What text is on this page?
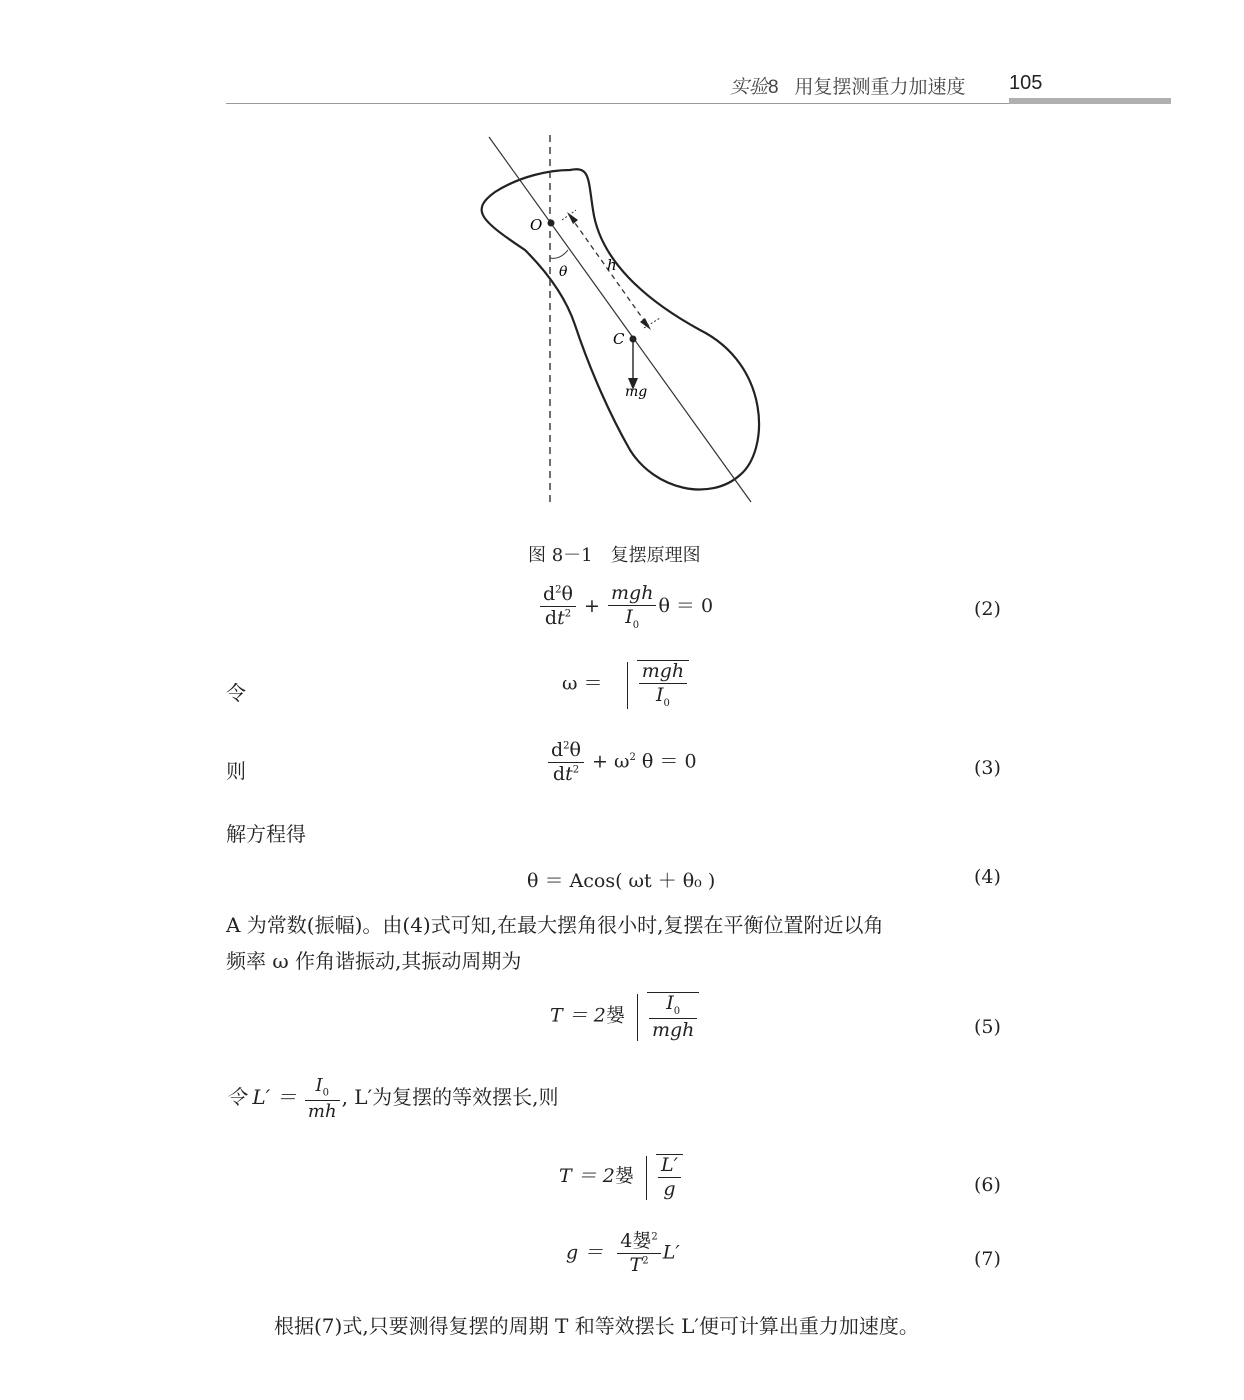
实验8 用复摆测重力加速度 105
O
θ	h
C
mg
图 8－1　复摆原理图
$\frac{d^2\theta}{dt^2} + \frac{\text{mgh}}{I_0}$ θ ＝ 0	(2)
令	$\omega = \frac{\text{mgh}}{I_0}$
则	$\frac{d^2\theta}{dt^2} + \omega^2$ θ ＝ 0	(3)
解方程得
θ ＝ Acos( ωt ＋ θ₀ )	(4)
A 为常数(振幅)。由(4)式可知,在最大摆角很小时,复摆在平衡位置附近以角
频率 ω 作角谐振动,其振动周期为
T ＝ 2嫢 $\frac{I_0}{\text{mgh}}$	(5)
令 $L' = \frac{I_0}{mh}$ , L′为复摆的等效摆长,则
T ＝ 2嫢 $\frac{L'}{g}$	(6)
$g = \frac{4嫢^2}{T^2} L'$	(7)
根据(7)式,只要测得复摆的周期 T 和等效摆长 L′便可计算出重力加速度。
